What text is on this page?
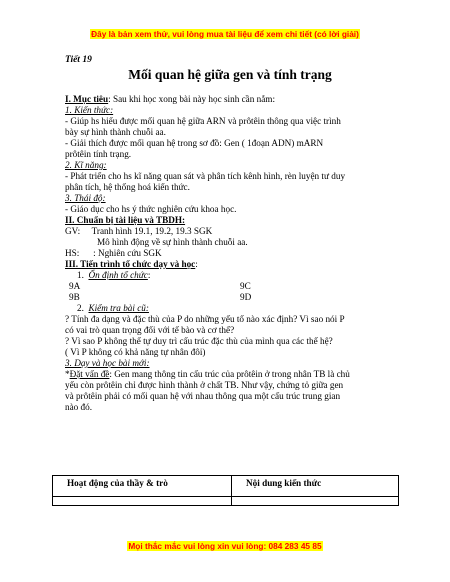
Đây là bản xem thử, vui lòng mua tài liệu để xem chi tiết (có lời giải)
Tiết 19
Mối quan hệ giữa gen và tính trạng
I. Mục tiêu: Sau khi học xong bài này học sinh cần nắm:
1. Kiến thức:
- Giúp hs hiểu được mối quan hệ giữa ARN và prôtêin thông qua việc trình
bày sự hình thành chuỗi aa.
- Giải thích được mối quan hệ trong sơ đồ: Gen ( 1đoạn ADN) mARN
prôtêin tính trạng.
2. Kĩ năng:
- Phát triển cho hs kĩ năng quan sát và phân tích kênh hình, rèn luyện tư duy
phân tích, hệ thống hoá kiến thức.
3. Thái độ:
- Giáo dục cho hs ý thức nghiên cứu khoa học.
II. Chuẩn bị tài liệu và TBDH:
GV: Tranh hình 19.1, 19.2, 19.3 SGK
Mô hình động về sự hình thành chuỗi aa.
HS: : Nghiên cứu SGK
III. Tiến trình tổ chức dạy và học:
1. Ổn định tổ chức:
9A	9C
9B	9D
2. Kiểm tra bài cũ:
? Tính đa dạng và đặc thù của P do những yếu tố nào xác định? Vì sao nói P
có vai trò quan trọng đối với tế bào và cơ thể?
? Vì sao P không thể tự duy trì cấu trúc đặc thù của mình qua các thế hệ?
( Vì P không có khả năng tự nhân đôi)
3. Dạy và học bài mới:
*Đặt vấn đề: Gen mang thông tin cấu trúc của prôtêin ở trong nhân TB là chủ
yếu còn prôtêin chỉ được hình thành ở chất TB. Như vậy, chứng tỏ giữa gen
và prôtêin phải có mối quan hệ với nhau thông qua một cấu trúc trung gian
nào đó.
Hoạt động của thầy & trò	Nội dung kiến thức

Mọi thắc mắc vui lòng xin vui lòng: 084 283 45 85
